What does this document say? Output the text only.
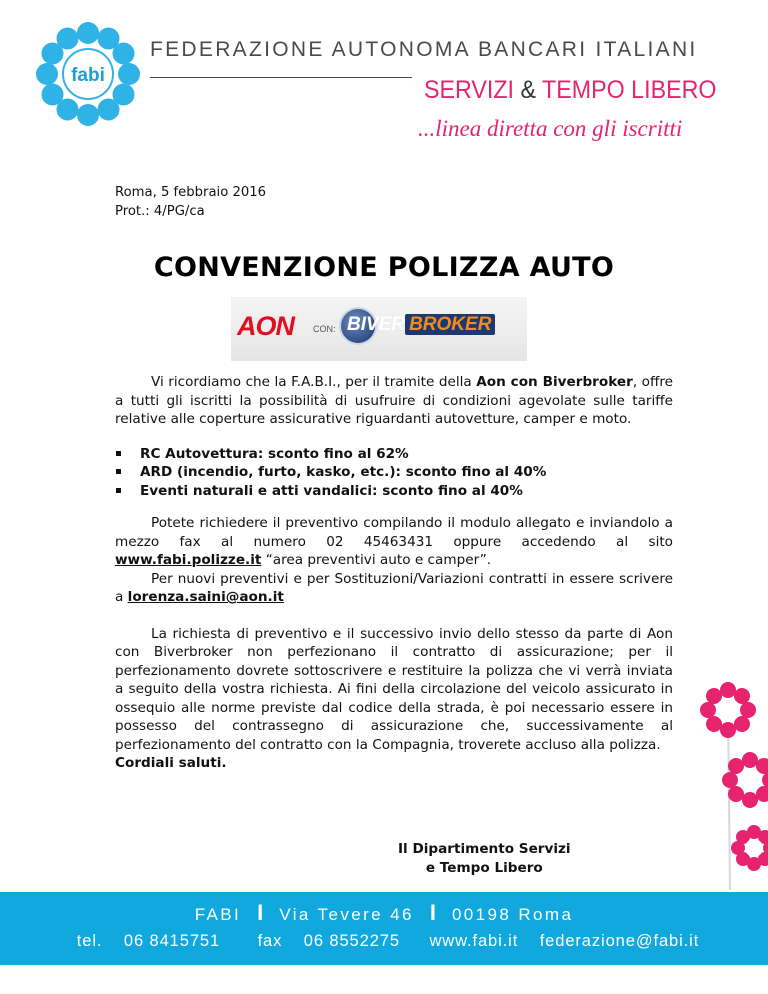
fabi
FEDERAZIONE AUTONOMA BANCARI ITALIANI
SERVIZI & TEMPO LIBERO
...linea diretta con gli iscritti
Roma, 5 febbraio 2016
Prot.: 4/PG/ca
CONVENZIONE POLIZZA AUTO
AON CON: BIVER BROKER

Vi ricordiamo che la F.A.B.I., per il tramite della Aon con Biverbroker, offre a tutti gli iscritti la possibilità di usufruire di condizioni agevolate sulle tariffe relative alle coperture assicurative riguardanti autovetture, camper e moto.

RC Autovettura: sconto fino al 62%
ARD (incendio, furto, kasko, etc.): sconto fino al 40%
Eventi naturali e atti vandalici: sconto fino al 40%

Potete richiedere il preventivo compilando il modulo allegato e inviandolo a mezzo fax al numero 02 45463431 oppure accedendo al sito www.fabi.polizze.it “area preventivi auto e camper”.

Per nuovi preventivi e per Sostituzioni/Variazioni contratti in essere scrivere a lorenza.saini@aon.it

La richiesta di preventivo e il successivo invio dello stesso da parte di Aon con Biverbroker non perfezionano il contratto di assicurazione; per il perfezionamento dovrete sottoscrivere e restituire la polizza che vi verrà inviata a seguito della vostra richiesta. Ai fini della circolazione del veicolo assicurato in ossequio alle norme previste dal codice della strada, è poi necessario essere in possesso del contrassegno di assicurazione che, successivamente al perfezionamento del contratto con la Compagnia, troverete accluso alla polizza.

Cordiali saluti.

Il Dipartimento Servizi
e Tempo Libero
FABI I Via Tevere 46 I 00198 Roma
tel. 06 8415751 fax 06 8552275 www.fabi.it federazione@fabi.it
